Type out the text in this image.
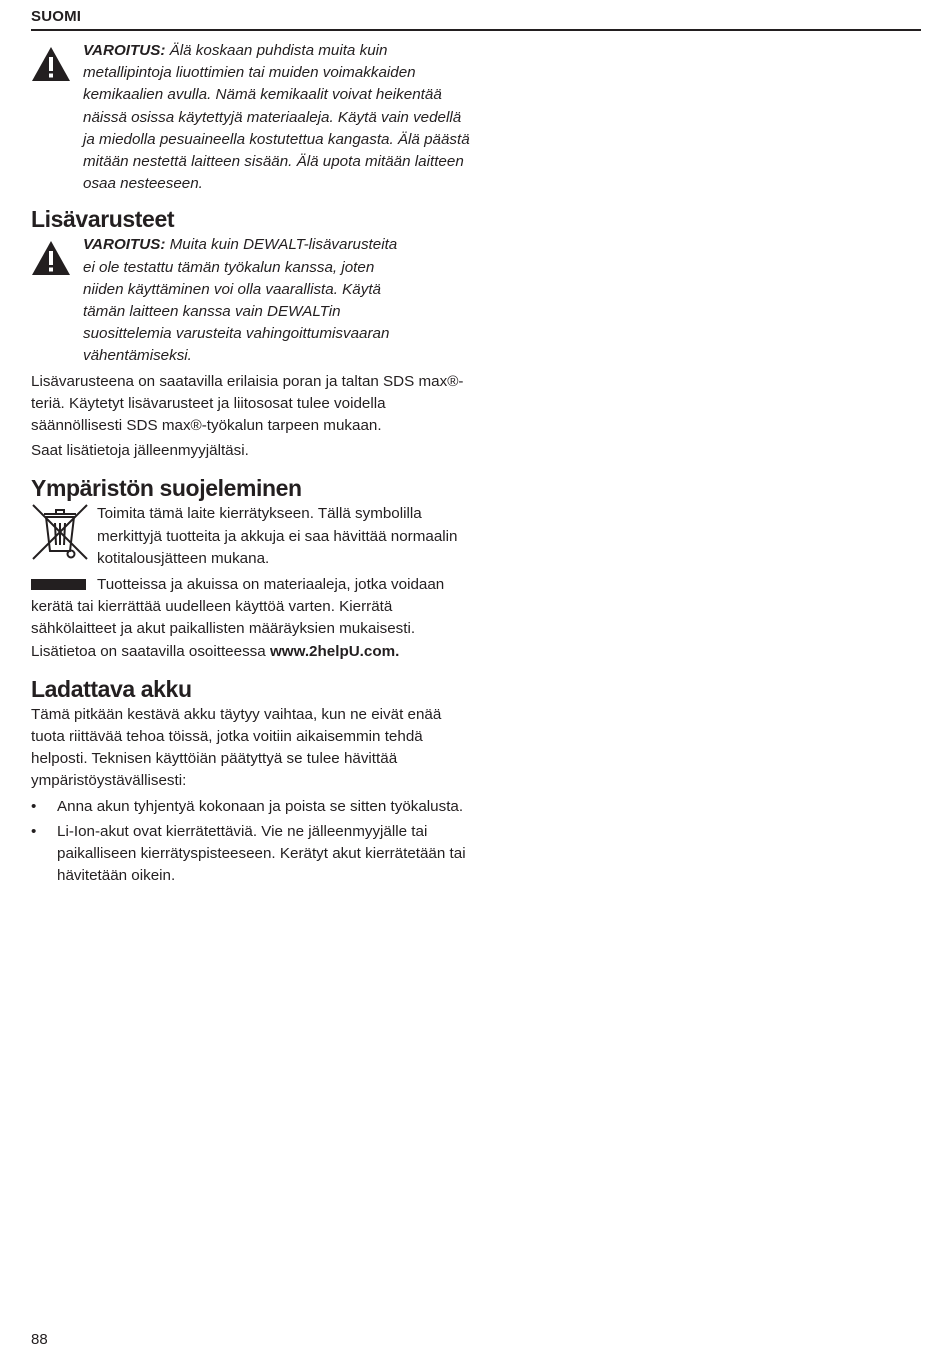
SUOMI

VAROITUS: Älä koskaan puhdista muita kuin metallipintoja liuottimien tai muiden voimakkaiden kemikaalien avulla. Nämä kemikaalit voivat heikentää näissä osissa käytettyjä materiaaleja. Käytä vain vedellä ja miedolla pesuaineella kostutettua kangasta. Älä päästä mitään nestettä laitteen sisään. Älä upota mitään laitteen osaa nesteeseen.

Lisävarusteet

VAROITUS: Muita kuin DEWALT-lisävarusteita ei ole testattu tämän työkalun kanssa, joten niiden käyttäminen voi olla vaarallista. Käytä tämän laitteen kanssa vain DEWALTin suosittelemia varusteita vahingoittumisvaaran vähentämiseksi.

Lisävarusteena on saatavilla erilaisia poran ja taltan SDS max®-teriä. Käytetyt lisävarusteet ja liitososat tulee voidella säännöllisesti SDS max®-työkalun tarpeen mukaan.

Saat lisätietoja jälleenmyyjältäsi.

Ympäristön suojeleminen

Toimita tämä laite kierrätykseen. Tällä symbolilla merkittyjä tuotteita ja akkuja ei saa hävittää normaalin kotitalousjätteen mukana.

Tuotteissa ja akuissa on materiaaleja, jotka voidaan kerätä tai kierrättää uudelleen käyttöä varten. Kierrätä sähkölaitteet ja akut paikallisten määräyksien mukaisesti. Lisätietoa on saatavilla osoitteessa www.2helpU.com.

Ladattava akku

Tämä pitkään kestävä akku täytyy vaihtaa, kun ne eivät enää tuota riittävää tehoa töissä, jotka voitiin aikaisemmin tehdä helposti. Teknisen käyttöiän päätyttyä se tulee hävittää ympäristöystävällisesti:

• Anna akun tyhjentyä kokonaan ja poista se sitten työkalusta.
• Li-Ion-akut ovat kierrätettäviä. Vie ne jälleenmyyjälle tai paikalliseen kierrätyspisteeseen. Kerätyt akut kierrätetään tai hävitetään oikein.
88
